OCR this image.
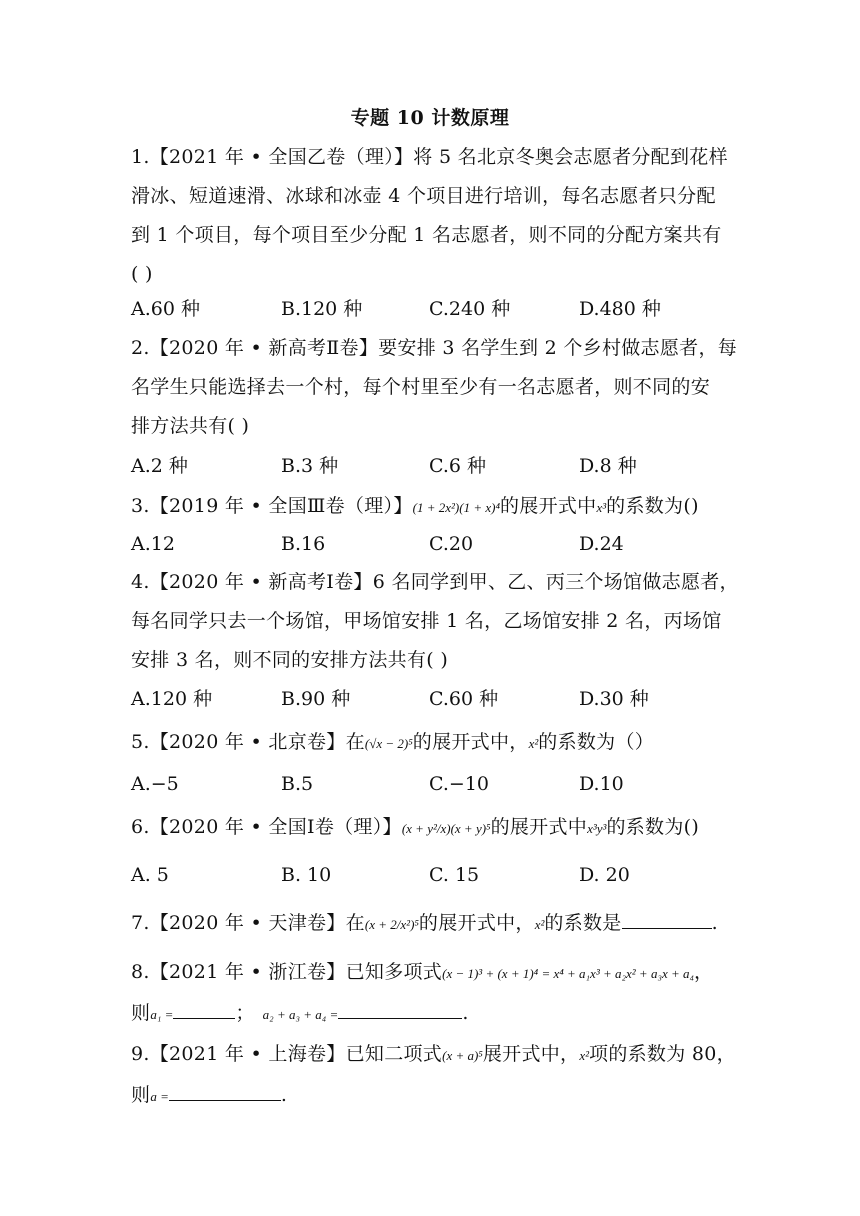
专题 10 计数原理
1.【2021 年 • 全国乙卷（理）】将 5 名北京冬奥会志愿者分配到花样
滑冰、短道速滑、冰球和冰壶 4 个项目进行培训，每名志愿者只分配
到 1 个项目，每个项目至少分配 1 名志愿者，则不同的分配方案共有
( )
A.60 种	B.120 种	C.240 种	D.480 种
2.【2020 年 • 新高考Ⅱ卷】要安排 3 名学生到 2 个乡村做志愿者，每
名学生只能选择去一个村，每个村里至少有一名志愿者，则不同的安
排方法共有( )
A.2 种	B.3 种	C.6 种	D.8 种
3.【2019 年 • 全国Ⅲ卷（理）】(1 + 2x²)(1 + x)⁴的展开式中x³的系数为()
A.12	B.16	C.20	D.24
4.【2020 年 • 新高考Ⅰ卷】6 名同学到甲、乙、丙三个场馆做志愿者，
每名同学只去一个场馆，甲场馆安排 1 名，乙场馆安排 2 名，丙场馆
安排 3 名，则不同的安排方法共有( )
A.120 种	B.90 种	C.60 种	D.30 种
5.【2020 年 • 北京卷】在(√x − 2)⁵的展开式中，x²的系数为（）
A.−5	B.5	C.−10	D.10
6.【2020 年 • 全国Ⅰ卷（理）】(x + y²/x)(x + y)⁵的展开式中x³y³的系数为()
A. 5	B. 10	C. 15	D. 20
7.【2020 年 • 天津卷】在(x + 2/x²)⁵的展开式中，x²的系数是	.
8.【2021 年 • 浙江卷】已知多项式(x − 1)³ + (x + 1)⁴ = x⁴ + a₁x³ + a₂x² + a₃x + a₄，
则a₁ =	； a₂ + a₃ + a₄ =	.
9.【2021 年 • 上海卷】已知二项式(x + a)⁵展开式中，x²项的系数为 80，
则a =	.
